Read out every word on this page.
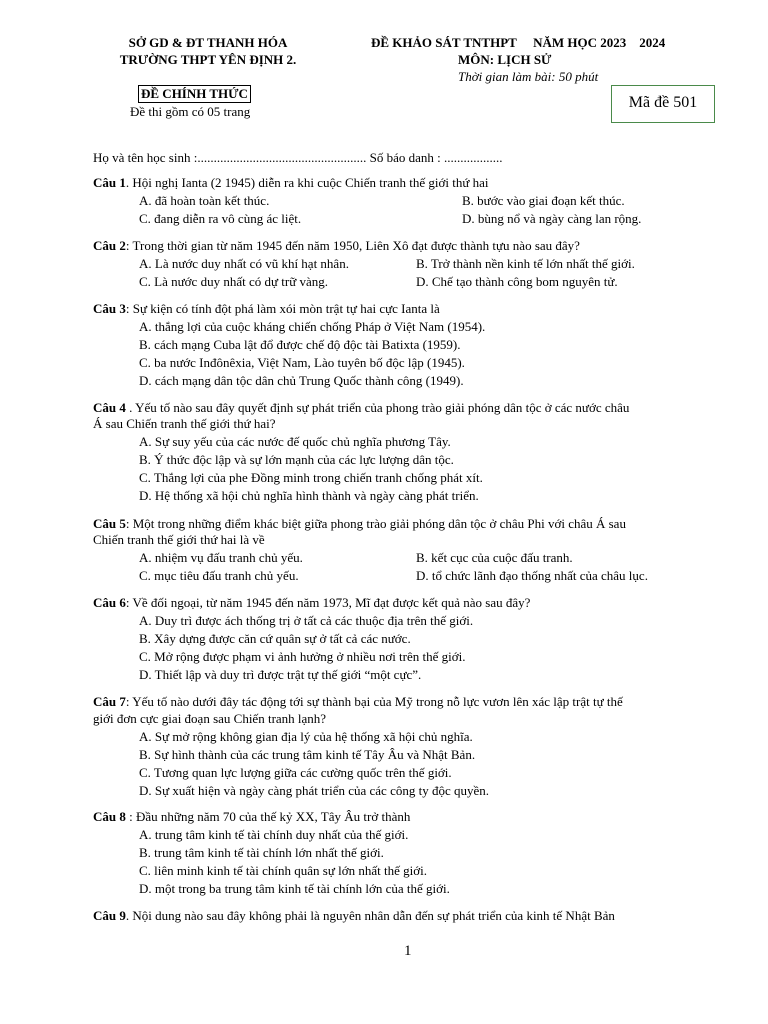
SỞ GD & ĐT THANH HÓA
TRƯỜNG THPT YÊN ĐỊNH 2.
ĐỀ KHẢO SÁT TNTHPT NĂM HỌC 2023 2024
MÔN: LỊCH SỬ
Thời gian làm bài: 50 phút
ĐỀ CHÍNH THỨC
Đề thi gồm có 05 trang
Mã đề 501
Họ và tên học sinh :.................................................... Số báo danh : ..................
Câu 1. Hội nghị Ianta (2 1945) diễn ra khi cuộc Chiến tranh thế giới thứ hai
A. đã hoàn toàn kết thúc.	B. bước vào giai đoạn kết thúc.
C. đang diễn ra vô cùng ác liệt.	D. bùng nổ và ngày càng lan rộng.
Câu 2: Trong thời gian từ năm 1945 đến năm 1950, Liên Xô đạt được thành tựu nào sau đây?
A. Là nước duy nhất có vũ khí hạt nhân.	B. Trở thành nền kinh tế lớn nhất thế giới.
C. Là nước duy nhất có dự trữ vàng.	D. Chế tạo thành công bom nguyên tử.
Câu 3: Sự kiện có tính đột phá làm xói mòn trật tự hai cực Ianta là
A. thắng lợi của cuộc kháng chiến chống Pháp ở Việt Nam (1954).
B. cách mạng Cuba lật đổ được chế độ độc tài Batixta (1959).
C. ba nước Inđônêxia, Việt Nam, Lào tuyên bố độc lập (1945).
D. cách mạng dân tộc dân chủ Trung Quốc thành công (1949).
Câu 4 . Yếu tố nào sau đây quyết định sự phát triển của phong trào giải phóng dân tộc ở các nước châu
Á sau Chiến tranh thế giới thứ hai?
A. Sự suy yếu của các nước đế quốc chủ nghĩa phương Tây.
B. Ý thức độc lập và sự lớn mạnh của các lực lượng dân tộc.
C. Thắng lợi của phe Đồng minh trong chiến tranh chống phát xít.
D. Hệ thống xã hội chủ nghĩa hình thành và ngày càng phát triển.
Câu 5: Một trong những điểm khác biệt giữa phong trào giải phóng dân tộc ở châu Phi với châu Á sau
Chiến tranh thế giới thứ hai là về
A. nhiệm vụ đấu tranh chủ yếu.	B. kết cục của cuộc đấu tranh.
C. mục tiêu đấu tranh chủ yếu.	D. tổ chức lãnh đạo thống nhất của châu lục.
Câu 6: Về đối ngoại, từ năm 1945 đến năm 1973, Mĩ đạt được kết quả nào sau đây?
A. Duy trì được ách thống trị ở tất cả các thuộc địa trên thế giới.
B. Xây dựng được căn cứ quân sự ở tất cả các nước.
C. Mở rộng được phạm vi ảnh hưởng ở nhiều nơi trên thế giới.
D. Thiết lập và duy trì được trật tự thế giới “một cực”.
Câu 7: Yếu tố nào dưới đây tác động tới sự thành bại của Mỹ trong nỗ lực vươn lên xác lập trật tự thế
giới đơn cực giai đoạn sau Chiến tranh lạnh?
A. Sự mở rộng không gian địa lý của hệ thống xã hội chủ nghĩa.
B. Sự hình thành của các trung tâm kinh tế Tây Âu và Nhật Bản.
C. Tương quan lực lượng giữa các cường quốc trên thế giới.
D. Sự xuất hiện và ngày càng phát triển của các công ty độc quyền.
Câu 8 : Đầu những năm 70 của thế kỷ XX, Tây Âu trở thành
A. trung tâm kinh tế tài chính duy nhất của thế giới.
B. trung tâm kinh tế tài chính lớn nhất thế giới.
C. liên minh kinh tế tài chính quân sự lớn nhất thế giới.
D. một trong ba trung tâm kinh tế tài chính lớn của thế giới.
Câu 9. Nội dung nào sau đây không phải là nguyên nhân dẫn đến sự phát triển của kinh tế Nhật Bản
1
